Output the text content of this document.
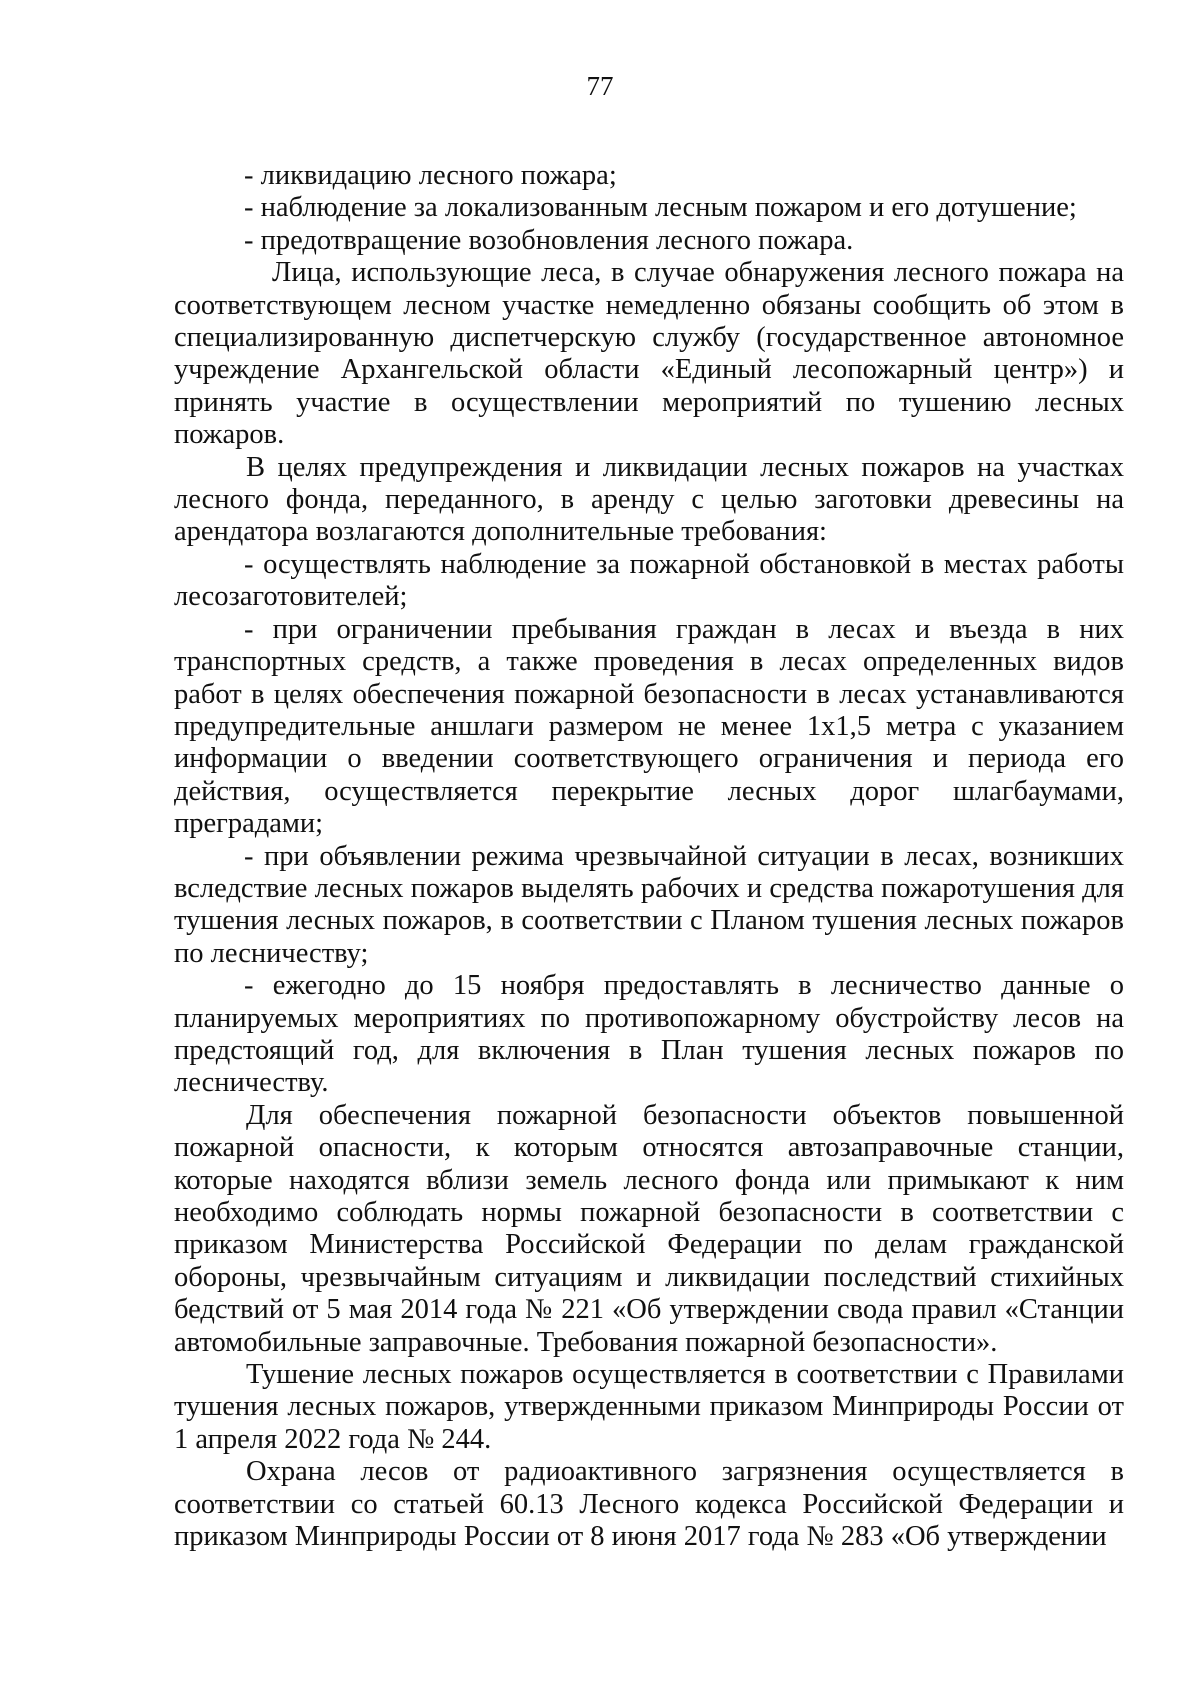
77

- ликвидацию лесного пожара;

- наблюдение за локализованным лесным пожаром и его дотушение;

- предотвращение возобновления лесного пожара.

Лица, использующие леса, в случае обнаружения лесного пожара на соответствующем лесном участке немедленно обязаны сообщить об этом в специализированную диспетчерскую службу (государственное автономное учреждение Архангельской области «Единый лесопожарный центр») и принять участие в осуществлении мероприятий по тушению лесных пожаров.

В целях предупреждения и ликвидации лесных пожаров на участках лесного фонда, переданного, в аренду с целью заготовки древесины на арендатора возлагаются дополнительные требования:

- осуществлять наблюдение за пожарной обстановкой в местах работы лесозаготовителей;

- при ограничении пребывания граждан в лесах и въезда в них транспортных средств, а также проведения в лесах определенных видов работ в целях обеспечения пожарной безопасности в лесах устанавливаются предупредительные аншлаги размером не менее 1х1,5 метра с указанием информации о введении соответствующего ограничения и периода его действия, осуществляется перекрытие лесных дорог шлагбаумами, преградами;

- при объявлении режима чрезвычайной ситуации в лесах, возникших вследствие лесных пожаров выделять рабочих и средства пожаротушения для тушения лесных пожаров, в соответствии с Планом тушения лесных пожаров по лесничеству;

- ежегодно до 15 ноября предоставлять в лесничество данные о планируемых мероприятиях по противопожарному обустройству лесов на предстоящий год, для включения в План тушения лесных пожаров по лесничеству.

Для обеспечения пожарной безопасности объектов повышенной пожарной опасности, к которым относятся автозаправочные станции, которые находятся вблизи земель лесного фонда или примыкают к ним необходимо соблюдать нормы пожарной безопасности в соответствии с приказом Министерства Российской Федерации по делам гражданской обороны, чрезвычайным ситуациям и ликвидации последствий стихийных бедствий от 5 мая 2014 года № 221 «Об утверждении свода правил «Станции автомобильные заправочные. Требования пожарной безопасности».

Тушение лесных пожаров осуществляется в соответствии с Правилами тушения лесных пожаров, утвержденными приказом Минприроды России от 1 апреля 2022 года № 244.

Охрана лесов от радиоактивного загрязнения осуществляется в соответствии со статьей 60.13 Лесного кодекса Российской Федерации и приказом Минприроды России от 8 июня 2017 года № 283 «Об утверждении
